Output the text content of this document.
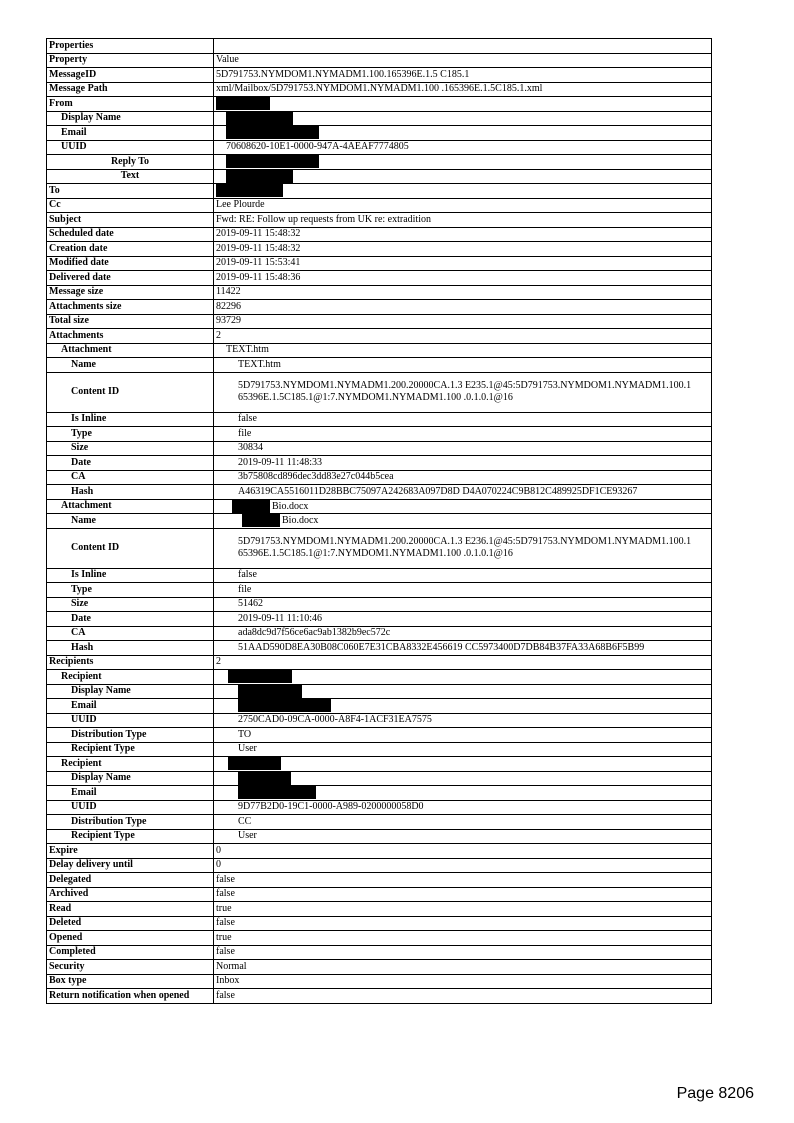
Properties	
Property	Value
MessageID	5D791753.NYMDOM1.NYMADM1.100.165396E.1.5 C185.1
Message Path	xml/Mailbox/5D791753.NYMDOM1.NYMADM1.100 .165396E.1.5C185.1.xml
From	
Display Name	
Email	
UUID	70608620-10E1-0000-947A-4AEAF7774805
Reply To	
Text	
To	
Cc	Lee Plourde
Subject	Fwd: RE: Follow up requests from UK re: extradition
Scheduled date	2019-09-11 15:48:32
Creation date	2019-09-11 15:48:32
Modified date	2019-09-11 15:53:41
Delivered date	2019-09-11 15:48:36
Message size	11422
Attachments size	82296
Total size	93729
Attachments	2
Attachment	TEXT.htm
Name	TEXT.htm
Content ID	5D791753.NYMDOM1.NYMADM1.200.20000CA.1.3 E235.1@45:5D791753.NYMDOM1.NYMADM1.100.1 65396E.1.5C185.1@1:7.NYMDOM1.NYMADM1.100 .0.1.0.1@16
Is Inline	false
Type	file
Size	30834
Date	2019-09-11 11:48:33
CA	3b75808cd896dec3dd83e27c044b5cea
Hash	A46319CA5516011D28BBC75097A242683A097D8D D4A070224C9B812C489925DF1CE93267
Attachment	Bio.docx
Name	Bio.docx
Content ID	5D791753.NYMDOM1.NYMADM1.200.20000CA.1.3 E236.1@45:5D791753.NYMDOM1.NYMADM1.100.1 65396E.1.5C185.1@1:7.NYMDOM1.NYMADM1.100 .0.1.0.1@16
Is Inline	false
Type	file
Size	51462
Date	2019-09-11 11:10:46
CA	ada8dc9d7f56ce6ac9ab1382b9ec572c
Hash	51AAD590D8EA30B08C060E7E31CBA8332E456619 CC5973400D7DB84B37FA33A68B6F5B99
Recipients	2
Recipient	
Display Name	
Email	
UUID	2750CAD0-09CA-0000-A8F4-1ACF31EA7575
Distribution Type	TO
Recipient Type	User
Recipient	
Display Name	
Email	
UUID	9D77B2D0-19C1-0000-A989-0200000058D0
Distribution Type	CC
Recipient Type	User
Expire	0
Delay delivery until	0
Delegated	false
Archived	false
Read	true
Deleted	false
Opened	true
Completed	false
Security	Normal
Box type	Inbox
Return notification when opened	false
Page 8206
